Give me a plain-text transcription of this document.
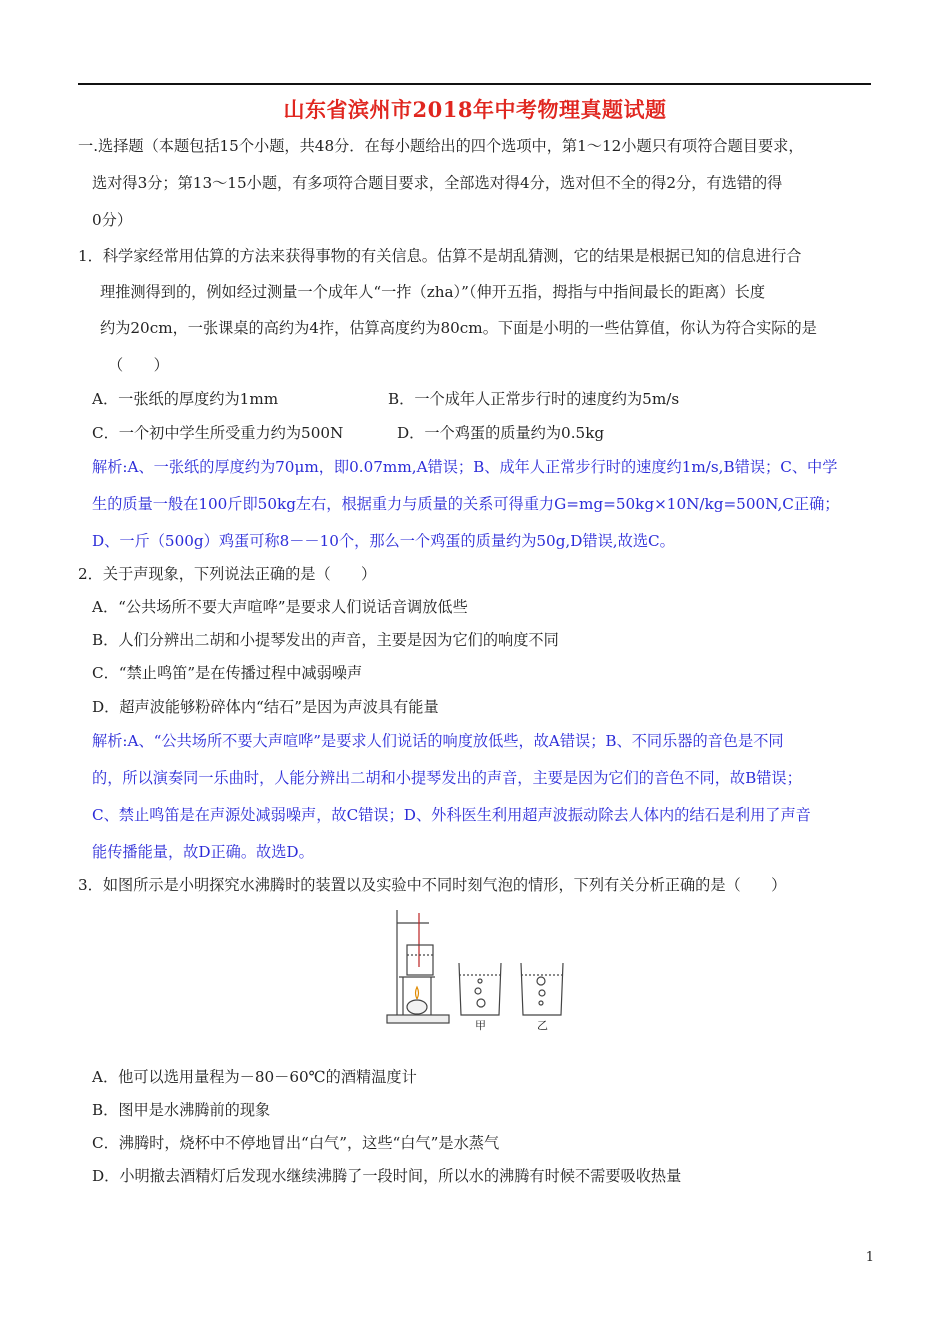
山东省滨州市2018年中考物理真题试题
一.选择题（本题包括15个小题，共48分．在每小题给出的四个选项中，第1～12小题只有项符合题目要求，
选对得3分；第13～15小题，有多项符合题目要求，全部选对得4分，选对但不全的得2分，有选错的得
0分）
1．科学家经常用估算的方法来获得事物的有关信息。估算不是胡乱猜测，它的结果是根据已知的信息进行合
理推测得到的，例如经过测量一个成年人“一拃（zha）”（伸开五指，拇指与中指间最长的距离）长度
约为20cm，一张课桌的高约为4拃，估算高度约为80cm。下面是小明的一些估算值，你认为符合实际的是
（　　）
A．一张纸的厚度约为1mm	B．一个成年人正常步行时的速度约为5m/s
C．一个初中学生所受重力约为500N	D．一个鸡蛋的质量约为0.5kg
解析:A、一张纸的厚度约为70μm，即0.07mm,A错误；B、成年人正常步行时的速度约1m/s,B错误；C、中学
生的质量一般在100斤即50kg左右，根据重力与质量的关系可得重力G=mg=50kg×10N/kg=500N,C正确；
D、一斤（500g）鸡蛋可称8－－10个，那么一个鸡蛋的质量约为50g,D错误,故选C。
2．关于声现象，下列说法正确的是（　　）
A．“公共场所不要大声喧哗”是要求人们说话音调放低些
B．人们分辨出二胡和小提琴发出的声音，主要是因为它们的响度不同
C．“禁止鸣笛”是在传播过程中减弱噪声
D．超声波能够粉碎体内“结石”是因为声波具有能量
解析:A、“公共场所不要大声喧哗”是要求人们说话的响度放低些，故A错误；B、不同乐器的音色是不同
的，所以演奏同一乐曲时，人能分辨出二胡和小提琴发出的声音，主要是因为它们的音色不同，故B错误；
C、禁止鸣笛是在声源处减弱噪声，故C错误；D、外科医生利用超声波振动除去人体内的结石是利用了声音
能传播能量，故D正确。故选D。
3．如图所示是小明探究水沸腾时的装置以及实验中不同时刻气泡的情形，下列有关分析正确的是（　　）
甲	乙
A．他可以选用量程为－80－60℃的酒精温度计
B．图甲是水沸腾前的现象
C．沸腾时，烧杯中不停地冒出“白气”，这些“白气”是水蒸气
D．小明撤去酒精灯后发现水继续沸腾了一段时间，所以水的沸腾有时候不需要吸收热量
1
